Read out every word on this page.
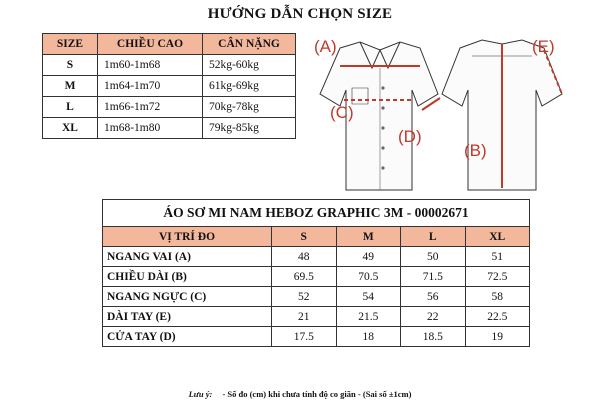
HƯỚNG DẪN CHỌN SIZE
SIZE	CHIỀU CAO	CÂN NẶNG
S	1m60-1m68	52kg-60kg
M	1m64-1m70	61kg-69kg
L	1m66-1m72	70kg-78kg
XL	1m68-1m80	79kg-85kg
(A)
(C)
(D)
(B)
(E)
ÁO SƠ MI NAM HEBOZ GRAPHIC 3M - 00002671				
VỊ TRÍ ĐO	S	M	L	XL
NGANG VAI (A)	48	49	50	51
CHIỀU DÀI (B)	69.5	70.5	71.5	72.5
NGANG NGỰC (C)	52	54	56	58
DÀI TAY (E)	21	21.5	22	22.5
CỬA TAY (D)	17.5	18	18.5	19
Lưu ý: - Số đo (cm) khi chưa tính độ co giãn - (Sai số ±1cm)
